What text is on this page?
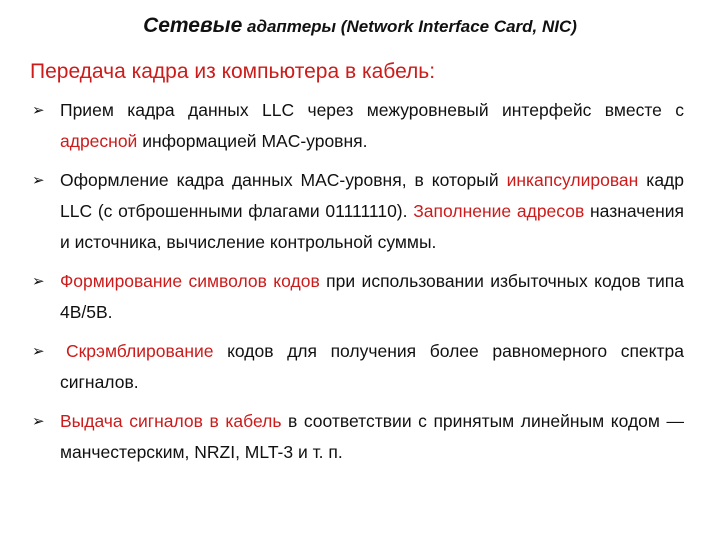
Сетевые адаптеры (Network Interface Card, NIC)
Передача кадра из компьютера в кабель:
➢ Прием кадра данных LLC через межуровневый интерфейс вместе с адресной информацией MAC-уровня.
➢ Оформление кадра данных MAC-уровня, в который инкапсулирован кадр LLC (с отброшенными флагами 01111110). Заполнение адресов назначения и источника, вычисление контрольной суммы.
➢ Формирование символов кодов при использовании избыточных кодов типа 4В/5В.
➢ Скрэмблирование кодов для получения более равномерного спектра сигналов.
➢ Выдача сигналов в кабель в соответствии с принятым линейным кодом — манчестерским, NRZI, MLT-3 и т. п.
